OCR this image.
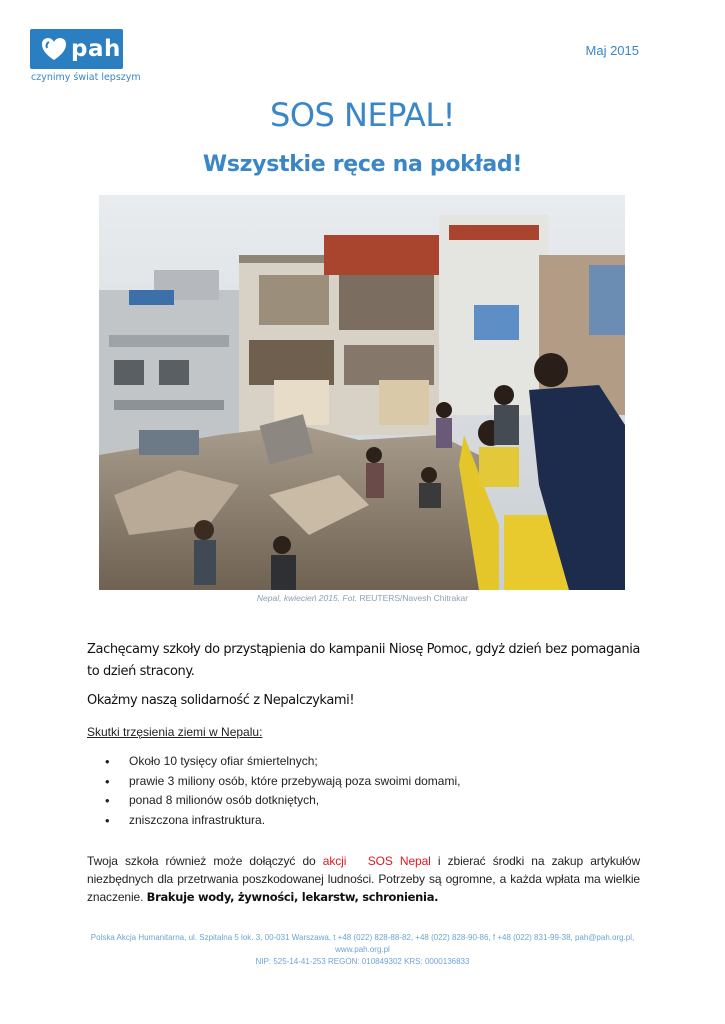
pah
czynimy świat lepszym
Maj 2015
SOS NEPAL!
Wszystkie ręce na pokład!
Nepal, kwiecień 2015. Fot. REUTERS/Navesh Chitrakar
Zachęcamy szkoły do przystąpienia do kampanii Niosę Pomoc, gdyż dzień bez pomagania to dzień stracony.
Okażmy naszą solidarność z Nepalczykami!
Skutki trzęsienia ziemi w Nepalu:
• Około 10 tysięcy ofiar śmiertelnych;
• prawie 3 miliony osób, które przebywają poza swoimi domami,
• ponad 8 milionów osób dotkniętych,
• zniszczona infrastruktura.
Twoja szkoła również może dołączyć do akcji SOS Nepal i zbierać środki na zakup artykułów niezbędnych dla przetrwania poszkodowanej ludności. Potrzeby są ogromne, a każda wpłata ma wielkie znaczenie. Brakuje wody, żywności, lekarstw, schronienia.
Polska Akcja Humanitarna, ul. Szpitalna 5 lok. 3, 00-031 Warszawa, t +48 (022) 828-88-82, +48 (022) 828-90-86, f +48 (022) 831-99-38, pah@pah.org.pl,
www.pah.org.pl
NIP: 525-14-41-253 REGON: 010849302 KRS: 0000136833
